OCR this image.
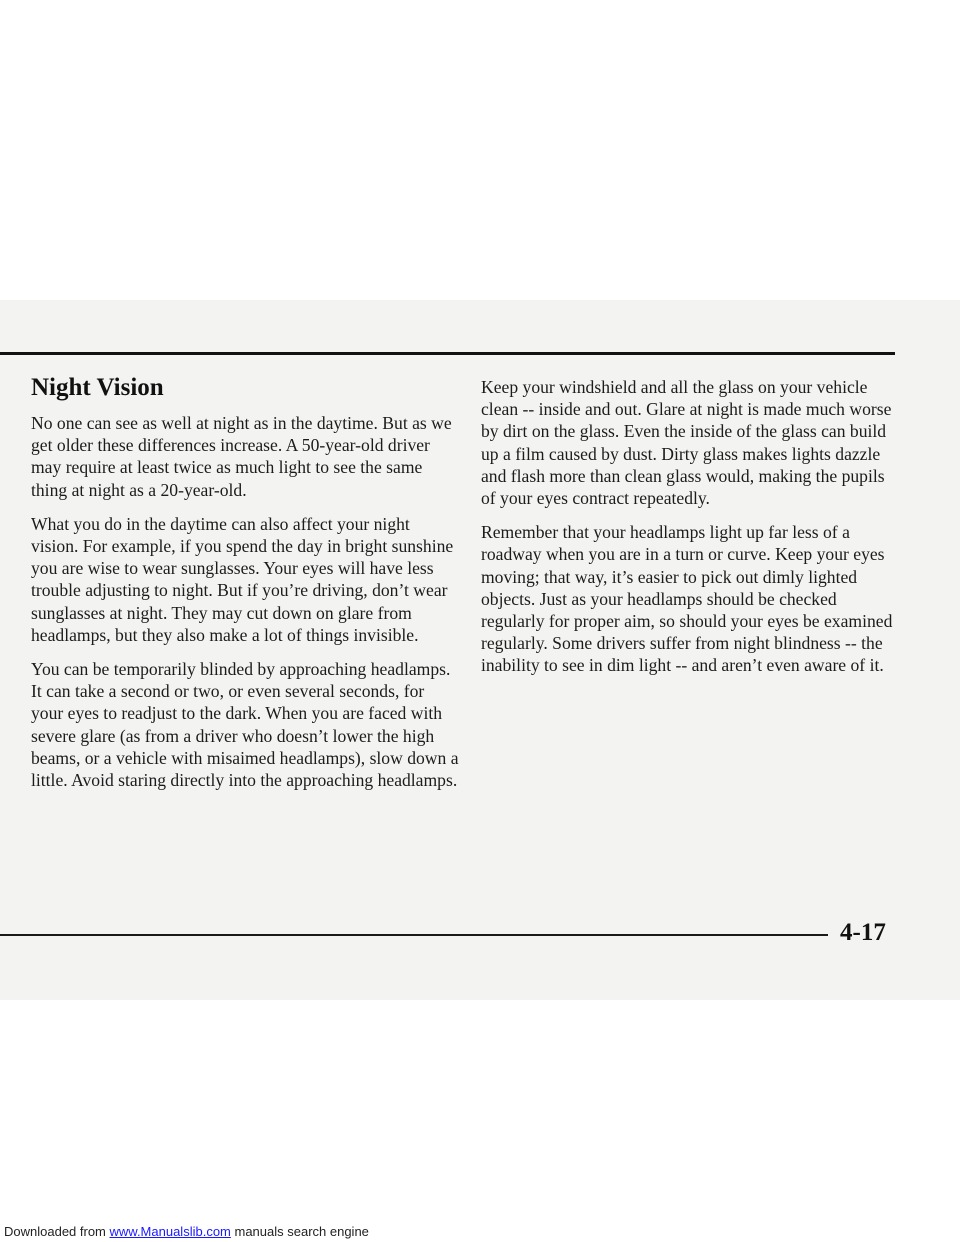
Night Vision

No one can see as well at night as in the daytime. But as we get older these differences increase. A 50-year-old driver may require at least twice as much light to see the same thing at night as a 20-year-old.

What you do in the daytime can also affect your night vision. For example, if you spend the day in bright sunshine you are wise to wear sunglasses. Your eyes will have less trouble adjusting to night. But if you’re driving, don’t wear sunglasses at night. They may cut down on glare from headlamps, but they also make a lot of things invisible.

You can be temporarily blinded by approaching headlamps. It can take a second or two, or even several seconds, for your eyes to readjust to the dark. When you are faced with severe glare (as from a driver who doesn’t lower the high beams, or a vehicle with misaimed headlamps), slow down a little. Avoid staring directly into the approaching headlamps.

Keep your windshield and all the glass on your vehicle clean -- inside and out. Glare at night is made much worse by dirt on the glass. Even the inside of the glass can build up a film caused by dust. Dirty glass makes lights dazzle and flash more than clean glass would, making the pupils of your eyes contract repeatedly.

Remember that your headlamps light up far less of a roadway when you are in a turn or curve. Keep your eyes moving; that way, it’s easier to pick out dimly lighted objects. Just as your headlamps should be checked regularly for proper aim, so should your eyes be examined regularly. Some drivers suffer from night blindness -- the inability to see in dim light -- and aren’t even aware of it.

4-17
Downloaded from www.Manualslib.com manuals search engine
